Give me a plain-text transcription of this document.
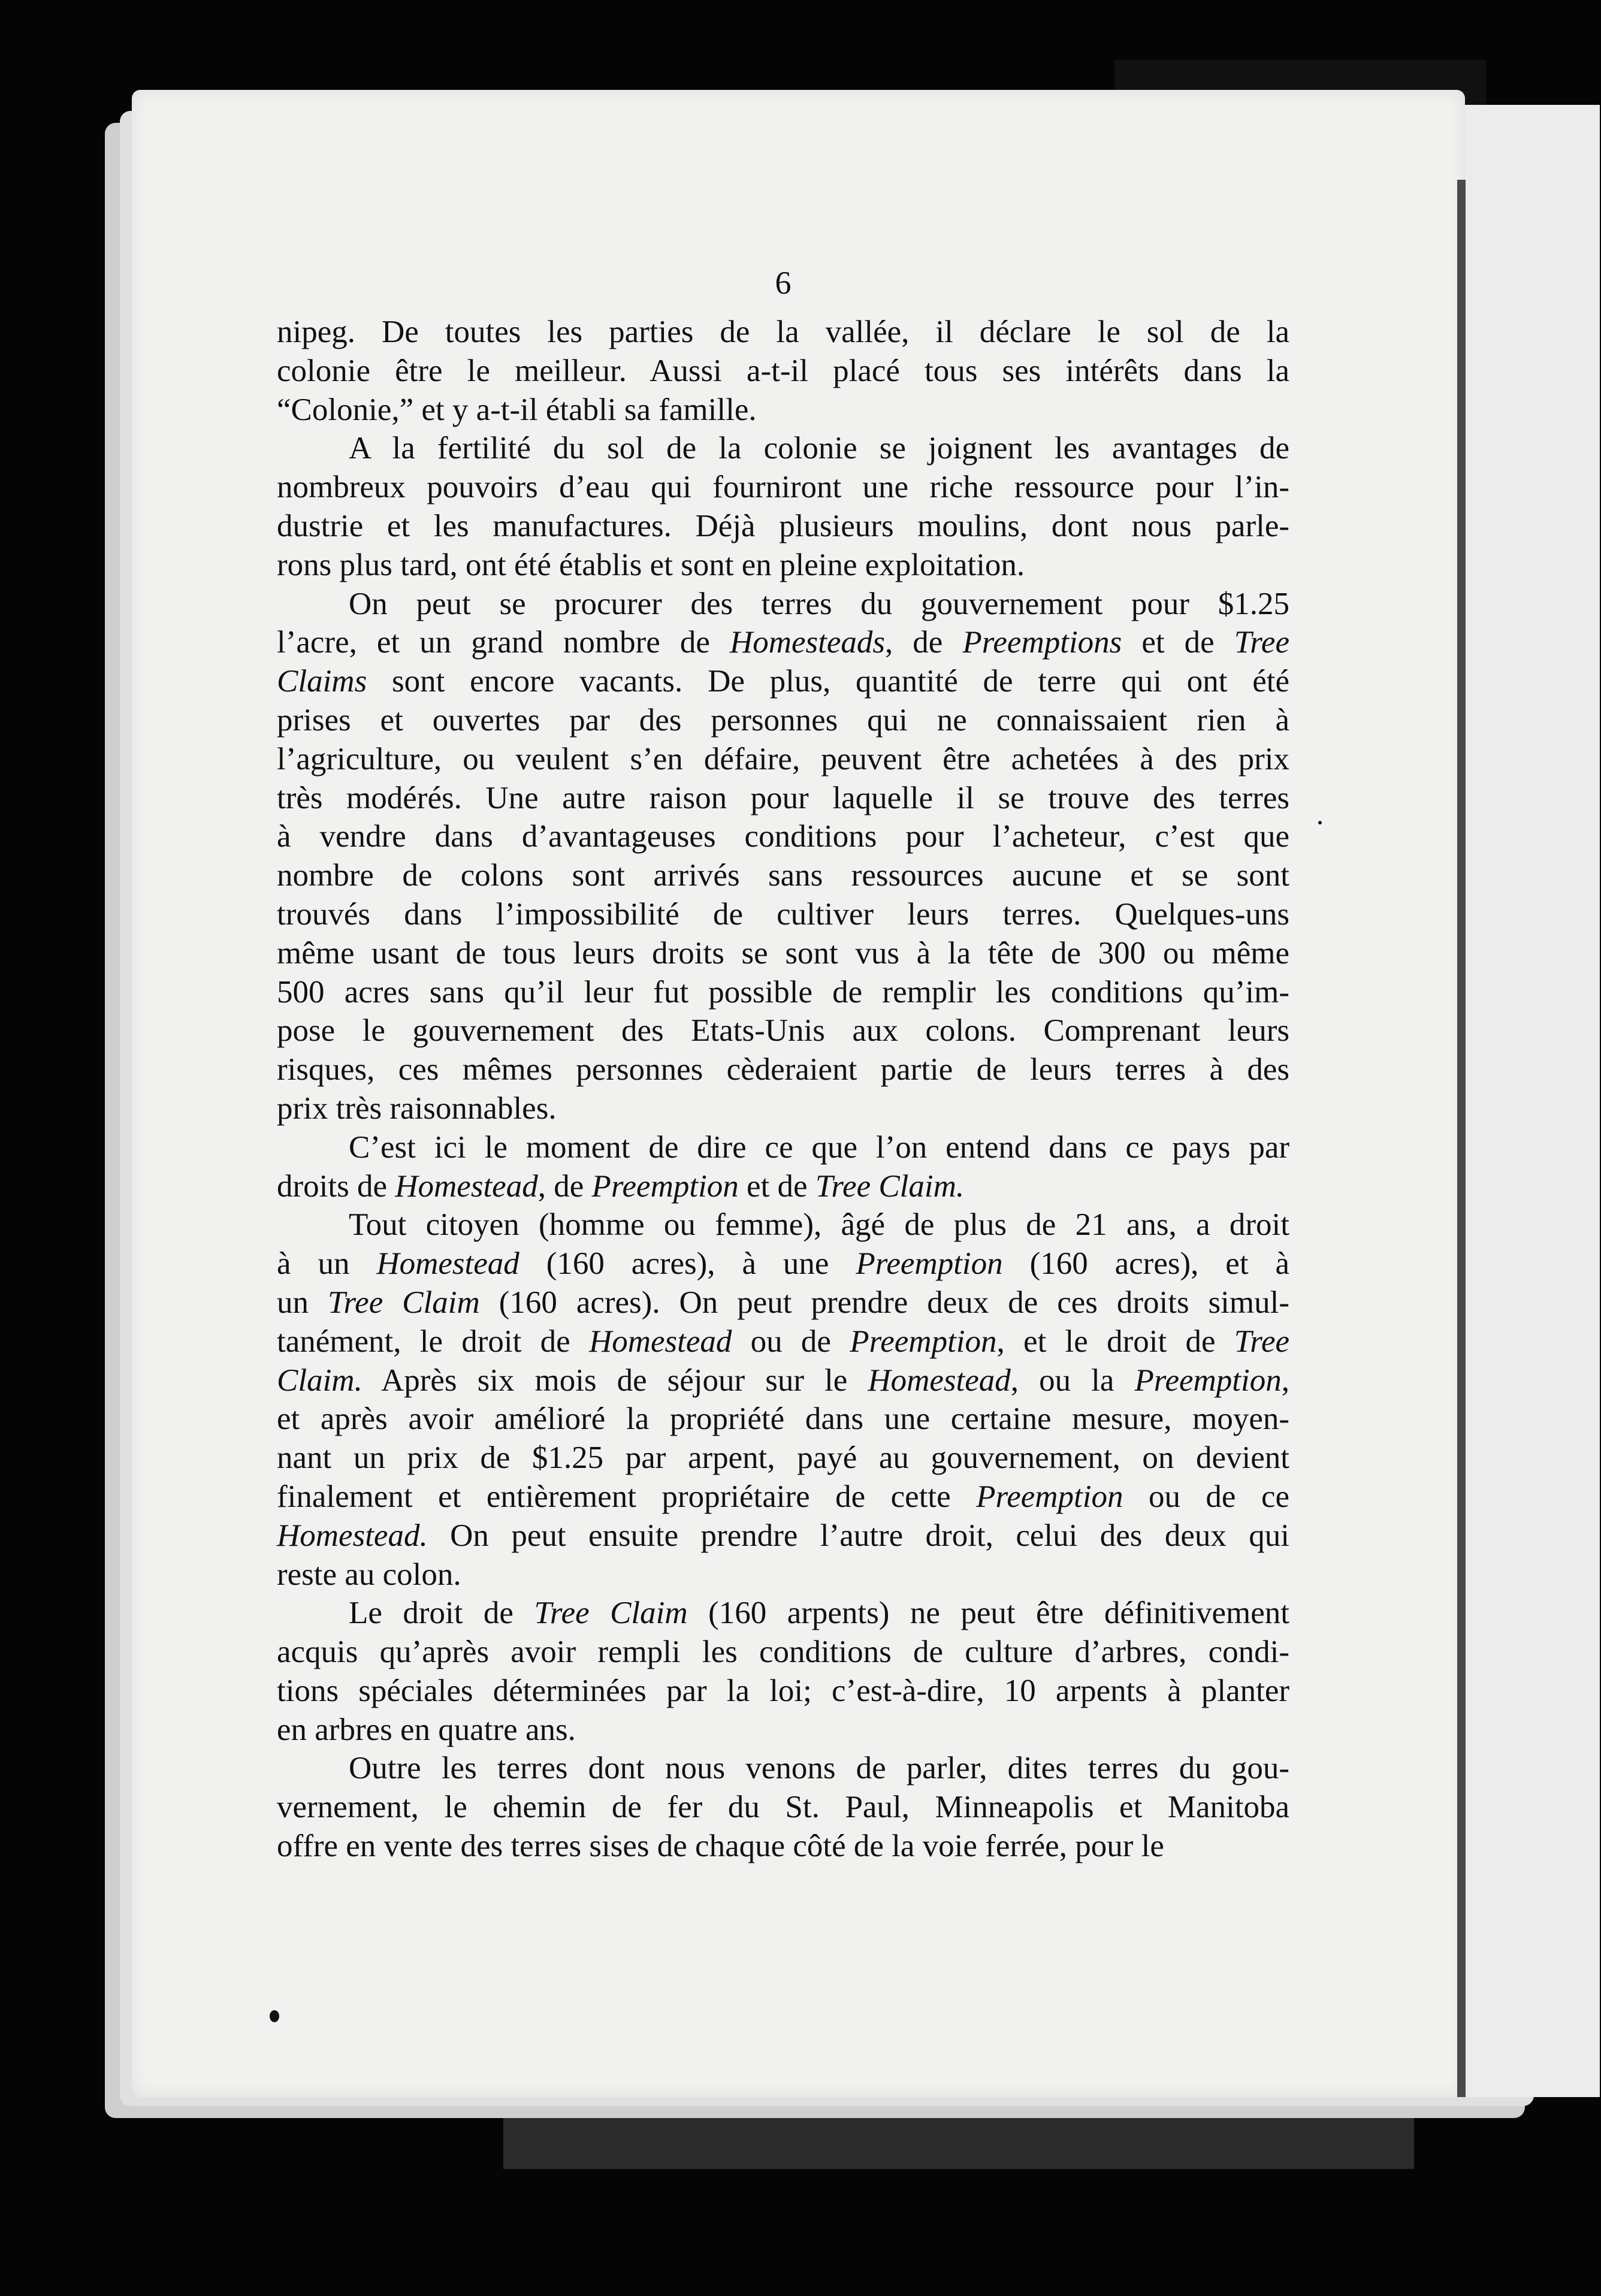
6
nipeg. De toutes les parties de la vallée, il déclare le sol de la
colonie être le meilleur. Aussi a-t-il placé tous ses intérêts dans la
“Colonie,” et y a-t-il établi sa famille.
A la fertilité du sol de la colonie se joignent les avantages de
nombreux pouvoirs d’eau qui fourniront une riche ressource pour l’in-
dustrie et les manufactures. Déjà plusieurs moulins, dont nous parle-
rons plus tard, ont été établis et sont en pleine exploitation.
On peut se procurer des terres du gouvernement pour $1.25
l’acre, et un grand nombre de Homesteads, de Preemptions et de Tree
Claims sont encore vacants. De plus, quantité de terre qui ont été
prises et ouvertes par des personnes qui ne connaissaient rien à
l’agriculture, ou veulent s’en défaire, peuvent être achetées à des prix
très modérés. Une autre raison pour laquelle il se trouve des terres
à vendre dans d’avantageuses conditions pour l’acheteur, c’est que
nombre de colons sont arrivés sans ressources aucune et se sont
trouvés dans l’impossibilité de cultiver leurs terres. Quelques-uns
même usant de tous leurs droits se sont vus à la tête de 300 ou même
500 acres sans qu’il leur fut possible de remplir les conditions qu’im-
pose le gouvernement des Etats-Unis aux colons. Comprenant leurs
risques, ces mêmes personnes cèderaient partie de leurs terres à des
prix très raisonnables.
C’est ici le moment de dire ce que l’on entend dans ce pays par
droits de Homestead, de Preemption et de Tree Claim.
Tout citoyen (homme ou femme), âgé de plus de 21 ans, a droit
à un Homestead (160 acres), à une Preemption (160 acres), et à
un Tree Claim (160 acres). On peut prendre deux de ces droits simul-
tanément, le droit de Homestead ou de Preemption, et le droit de Tree
Claim. Après six mois de séjour sur le Homestead, ou la Preemption,
et après avoir amélioré la propriété dans une certaine mesure, moyen-
nant un prix de $1.25 par arpent, payé au gouvernement, on devient
finalement et entièrement propriétaire de cette Preemption ou de ce
Homestead. On peut ensuite prendre l’autre droit, celui des deux qui
reste au colon.
Le droit de Tree Claim (160 arpents) ne peut être définitivement
acquis qu’après avoir rempli les conditions de culture d’arbres, condi-
tions spéciales déterminées par la loi; c’est-à-dire, 10 arpents à planter
en arbres en quatre ans.
Outre les terres dont nous venons de parler, dites terres du gou-
vernement, le chemin de fer du St. Paul, Minneapolis et Manitoba
offre en vente des terres sises de chaque côté de la voie ferrée, pour le
